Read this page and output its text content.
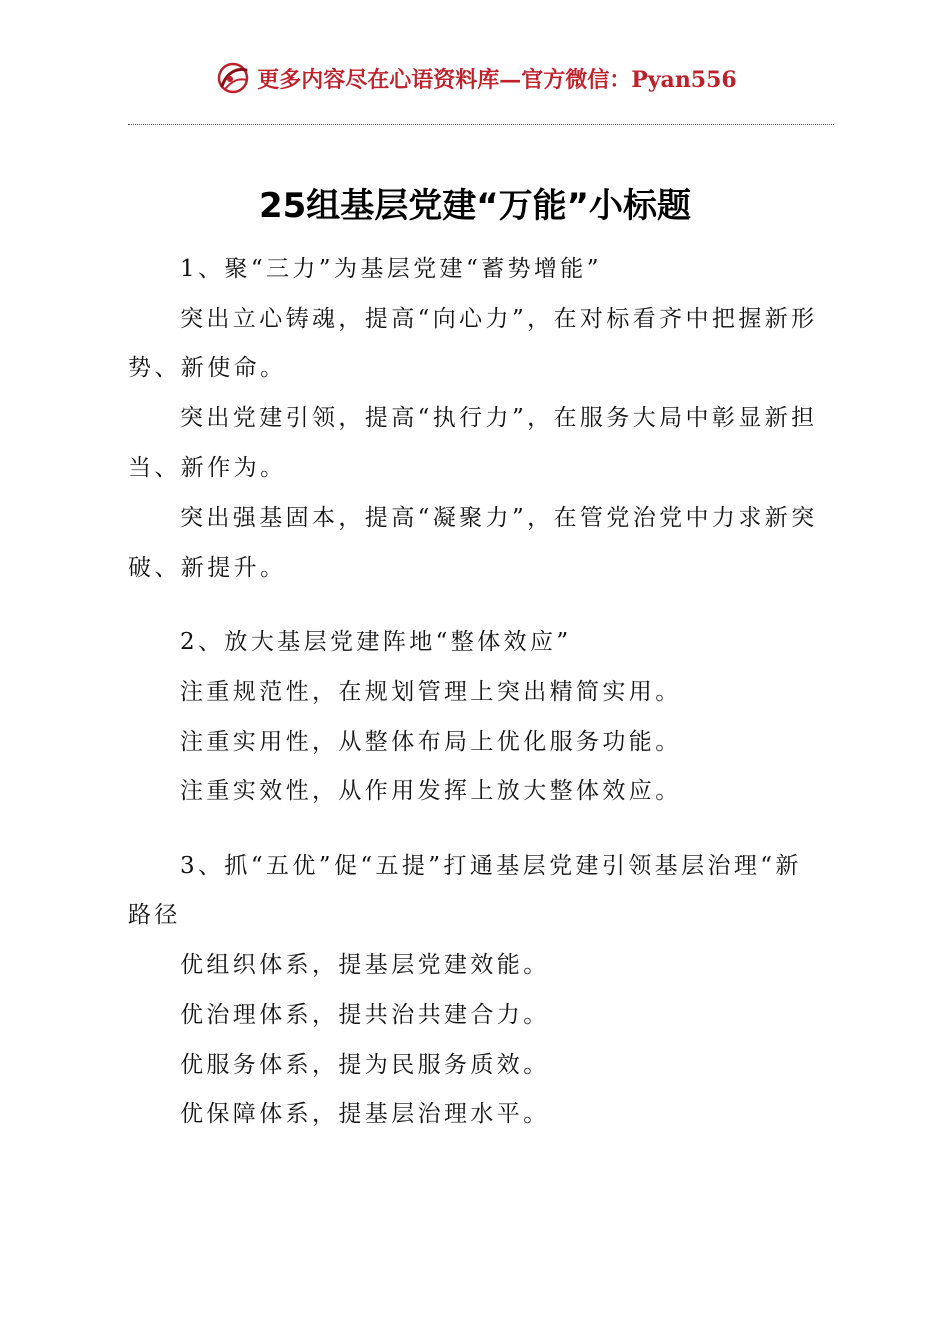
更多内容尽在心语资料库—官方微信：Pyan556
25组基层党建“万能”小标题
1、聚“三力”为基层党建“蓄势增能”
突出立心铸魂，提高“向心力”，在对标看齐中把握新形
势、新使命。
突出党建引领，提高“执行力”，在服务大局中彰显新担
当、新作为。
突出强基固本，提高“凝聚力”，在管党治党中力求新突
破、新提升。
2、放大基层党建阵地“整体效应”
注重规范性，在规划管理上突出精简实用。
注重实用性，从整体布局上优化服务功能。
注重实效性，从作用发挥上放大整体效应。
3、抓“五优”促“五提”打通基层党建引领基层治理“新
路径
优组织体系，提基层党建效能。
优治理体系，提共治共建合力。
优服务体系，提为民服务质效。
优保障体系，提基层治理水平。
